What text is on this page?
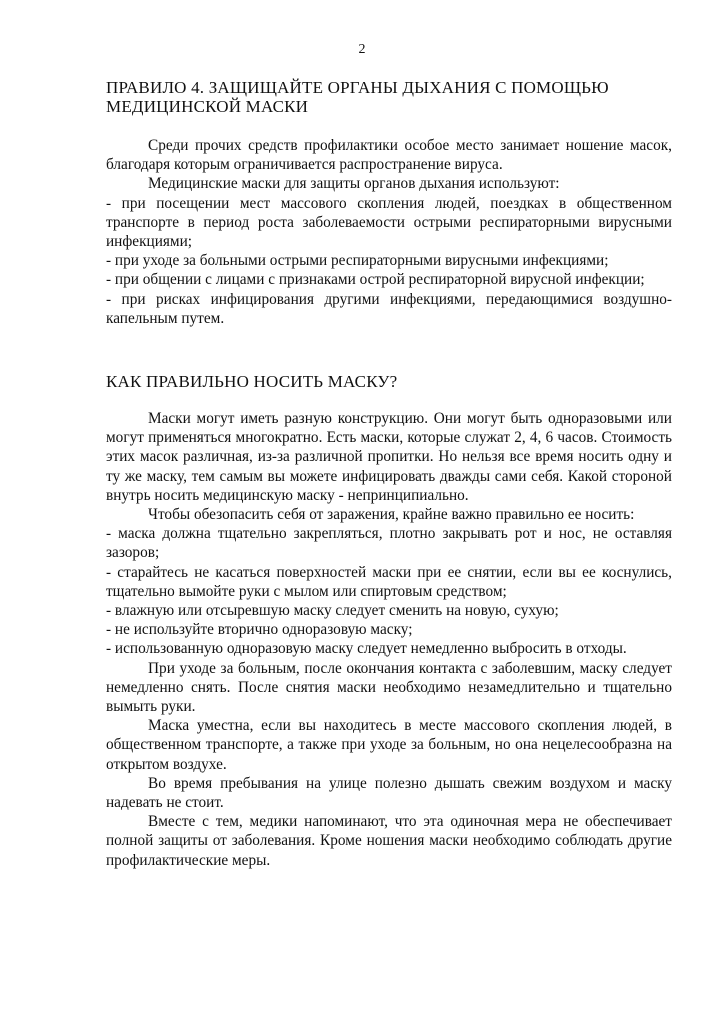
2
ПРАВИЛО 4. ЗАЩИЩАЙТЕ ОРГАНЫ ДЫХАНИЯ С ПОМОЩЬЮ МЕДИЦИНСКОЙ МАСКИ

Среди прочих средств профилактики особое место занимает ношение масок, благодаря которым ограничивается распространение вируса.

Медицинские маски для защиты органов дыхания используют:

- при посещении мест массового скопления людей, поездках в общественном транспорте в период роста заболеваемости острыми респираторными вирусными инфекциями;

- при уходе за больными острыми респираторными вирусными инфекциями;

- при общении с лицами с признаками острой респираторной вирусной инфекции;

- при рисках инфицирования другими инфекциями, передающимися воздушно-капельным путем.

КАК ПРАВИЛЬНО НОСИТЬ МАСКУ?

Маски могут иметь разную конструкцию. Они могут быть одноразовыми или могут применяться многократно. Есть маски, которые служат 2, 4, 6 часов. Стоимость этих масок различная, из-за различной пропитки. Но нельзя все время носить одну и ту же маску, тем самым вы можете инфицировать дважды сами себя. Какой стороной внутрь носить медицинскую маску - непринципиально.

Чтобы обезопасить себя от заражения, крайне важно правильно ее носить:

- маска должна тщательно закрепляться, плотно закрывать рот и нос, не оставляя зазоров;

- старайтесь не касаться поверхностей маски при ее снятии, если вы ее коснулись, тщательно вымойте руки с мылом или спиртовым средством;

- влажную или отсыревшую маску следует сменить на новую, сухую;

- не используйте вторично одноразовую маску;

- использованную одноразовую маску следует немедленно выбросить в отходы.

При уходе за больным, после окончания контакта с заболевшим, маску следует немедленно снять. После снятия маски необходимо незамедлительно и тщательно вымыть руки.

Маска уместна, если вы находитесь в месте массового скопления людей, в общественном транспорте, а также при уходе за больным, но она нецелесообразна на открытом воздухе.

Во время пребывания на улице полезно дышать свежим воздухом и маску надевать не стоит.

Вместе с тем, медики напоминают, что эта одиночная мера не обеспечивает полной защиты от заболевания. Кроме ношения маски необходимо соблюдать другие профилактические меры.
